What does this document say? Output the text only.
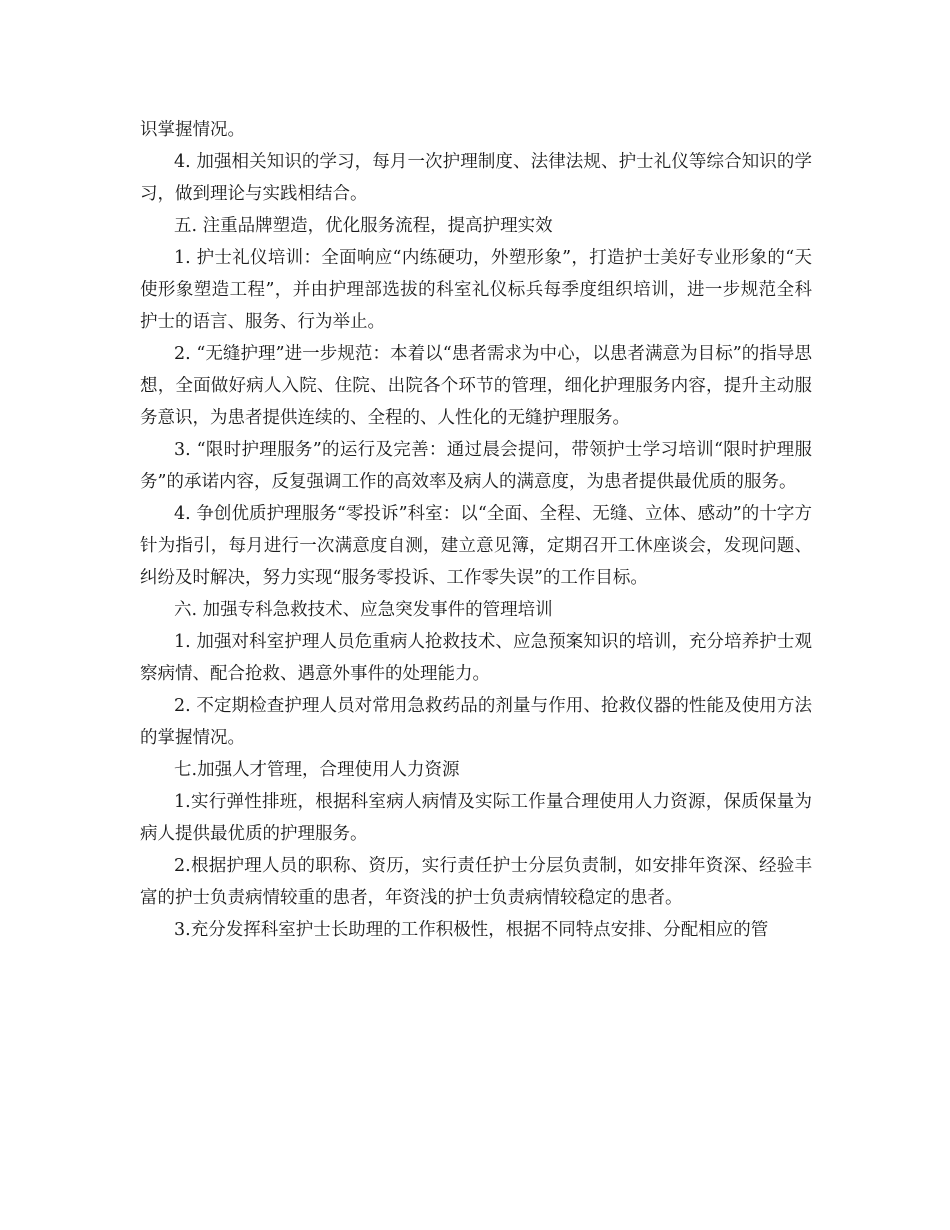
识掌握情况。

4. 加强相关知识的学习，每月一次护理制度、法律法规、护士礼仪等综合知识的学习，做到理论与实践相结合。

五. 注重品牌塑造，优化服务流程，提高护理实效

1. 护士礼仪培训：全面响应“内练硬功，外塑形象”，打造护士美好专业形象的“天使形象塑造工程”，并由护理部选拔的科室礼仪标兵每季度组织培训，进一步规范全科护士的语言、服务、行为举止。

2. “无缝护理”进一步规范：本着以“患者需求为中心，以患者满意为目标”的指导思想，全面做好病人入院、住院、出院各个环节的管理，细化护理服务内容，提升主动服务意识，为患者提供连续的、全程的、人性化的无缝护理服务。

3. “限时护理服务”的运行及完善：通过晨会提问，带领护士学习培训“限时护理服务”的承诺内容，反复强调工作的高效率及病人的满意度，为患者提供最优质的服务。

4. 争创优质护理服务“零投诉”科室：以“全面、全程、无缝、立体、感动”的十字方针为指引，每月进行一次满意度自测，建立意见簿，定期召开工休座谈会，发现问题、纠纷及时解决，努力实现“服务零投诉、工作零失误”的工作目标。

六. 加强专科急救技术、应急突发事件的管理培训

1. 加强对科室护理人员危重病人抢救技术、应急预案知识的培训，充分培养护士观察病情、配合抢救、遇意外事件的处理能力。

2. 不定期检查护理人员对常用急救药品的剂量与作用、抢救仪器的性能及使用方法的掌握情况。

七.加强人才管理，合理使用人力资源

1.实行弹性排班，根据科室病人病情及实际工作量合理使用人力资源，保质保量为病人提供最优质的护理服务。

2.根据护理人员的职称、资历，实行责任护士分层负责制，如安排年资深、经验丰富的护士负责病情较重的患者，年资浅的护士负责病情较稳定的患者。

3.充分发挥科室护士长助理的工作积极性，根据不同特点安排、分配相应的管
